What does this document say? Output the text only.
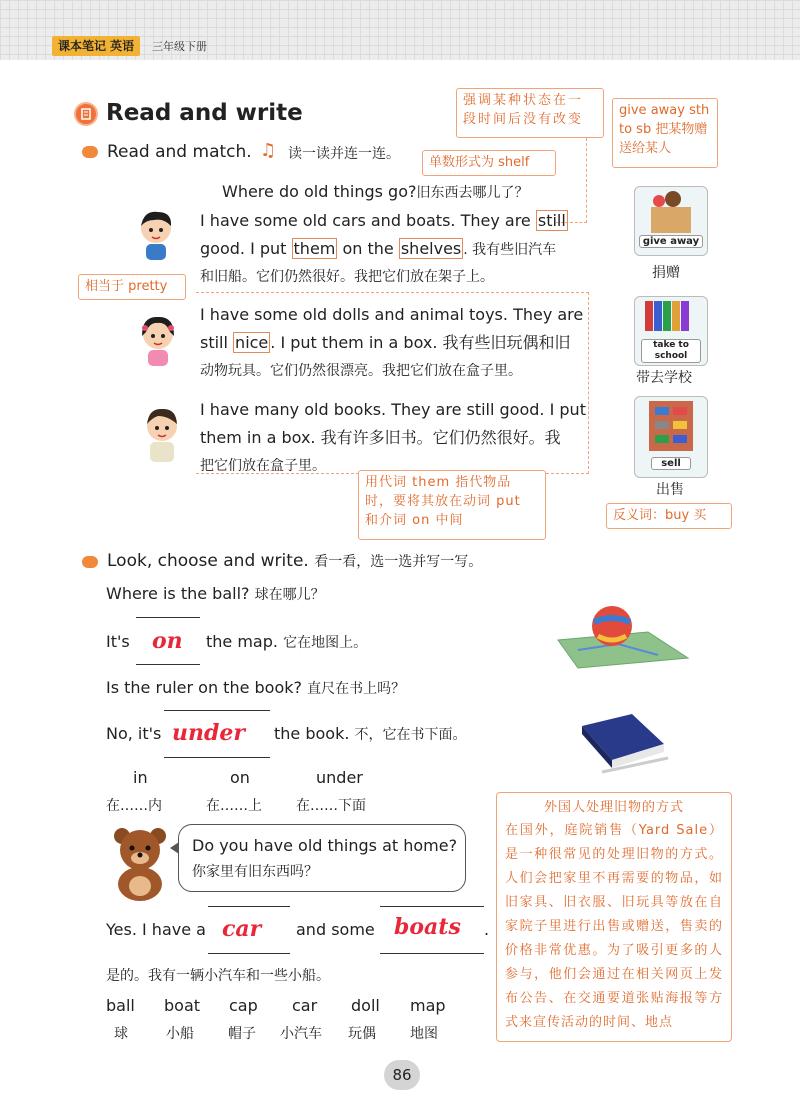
课本笔记 英语	三年级下册
Read and write
Read and match. ♫ 读一读并连一连。
强调某种状态在一段时间后没有改变
give away sth to sb 把某物赠送给某人
单数形式为 shelf
相当于 pretty
Where do old things go?旧东西去哪儿了？
I have some old cars and boats. They are still
good. I put them on the shelves . 我有些旧汽车
和旧船。它们仍然很好。我把它们放在架子上。
I have some old dolls and animal toys. They are
still nice . I put them in a box. 我有些旧玩偶和旧
动物玩具。它们仍然很漂亮。我把它们放在盒子里。
I have many old books. They are still good. I put
them in a box. 我有许多旧书。它们仍然很好。我
把它们放在盒子里。
用代词 them 指代物品时，要将其放在动词 put 和介词 on 中间
give away
捐赠
take to school
带去学校
sell
出售
反义词：buy 买
Look, choose and write. 看一看，选一选并写一写。
Where is the ball? 球在哪儿？
It's on the map. 它在地图上。
Is the ruler on the book? 直尺在书上吗？
No, it's under the book. 不，它在书下面。
in	on	under
在……内	在……上 在……下面
Do you have old things at home?
你家里有旧东西吗？
Yes. I have a car and some boats .
是的。我有一辆小汽车和一些小船。
ball boat cap car doll map
球	小船 帽子 小汽车 玩偶 地图
外国人处理旧物的方式
在国外，庭院销售（Yard Sale）是一种很常见的处理旧物的方式。人们会把家里不再需要的物品，如旧家具、旧衣服、旧玩具等放在自家院子里进行出售或赠送，售卖的价格非常优惠。为了吸引更多的人参与，他们会通过在相关网页上发布公告、在交通要道张贴海报等方式来宣传活动的时间、地点
86
